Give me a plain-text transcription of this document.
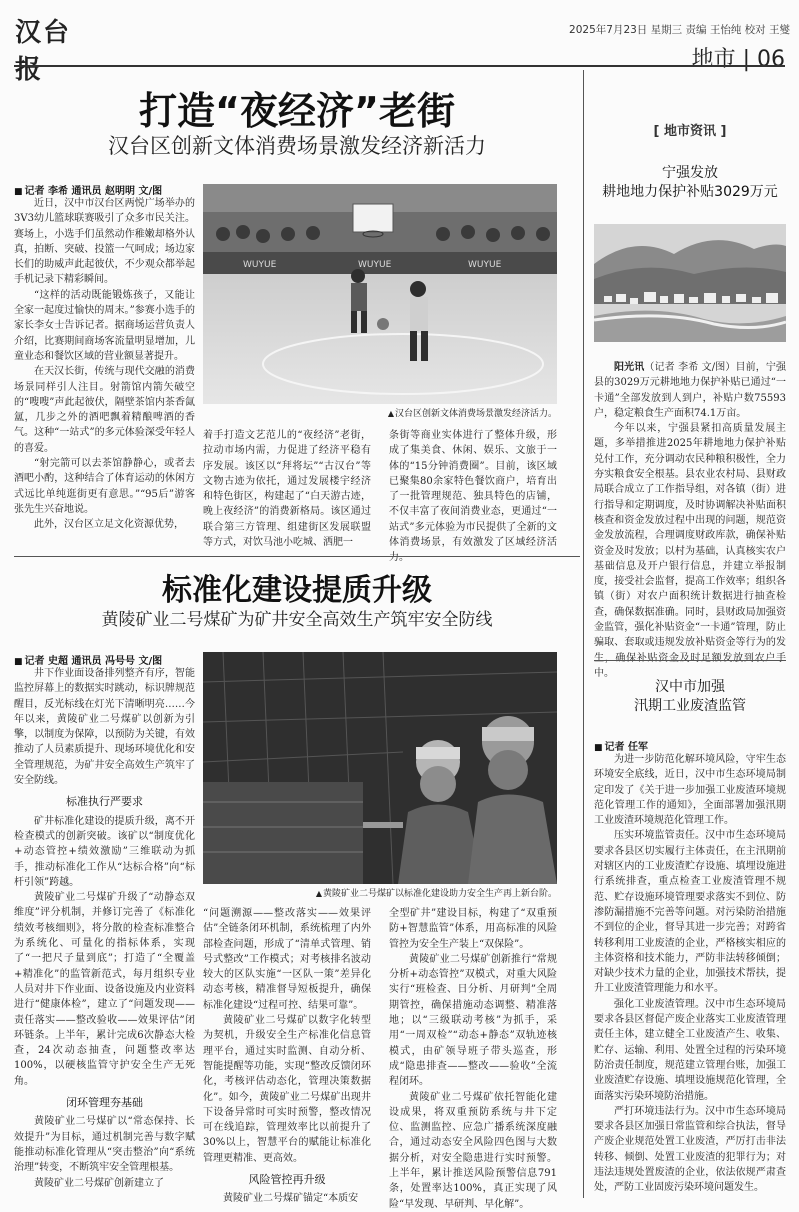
汉台报
2025年7月23日 星期三 责编 王怡纯 校对 王燮
地市 | 06
打造“夜经济”老街
汉台区创新文体消费场景激发经济新活力
■ 记者 李希 通讯员 赵明明 文/图

近日，汉中市汉台区两悦广场举办的3V3幼儿篮球联赛吸引了众多市民关注。赛场上，小选手们虽然动作稚嫩却格外认真，拍断、突破、投篮一气呵成；场边家长们的助威声此起彼伏，不少观众都举起手机记录下精彩瞬间。

“这样的活动既能锻炼孩子，又能让全家一起度过愉快的周末。”参赛小选手的家长李女士告诉记者。据商场运营负责人介绍，比赛期间商场客流量明显增加，儿童业态和餐饮区域的营业额显著提升。

在天汉长街，传统与现代交融的消费场景同样引人注目。射箭馆内箭矢破空的“嗖嗖”声此起彼伏，隔壁茶馆内茶香氤氲，几步之外的酒吧飘着精酿啤酒的香气。这种“一站式”的多元体验深受年轻人的喜爱。

“射完箭可以去茶馆静静心，或者去酒吧小酌，这种结合了体育运动的休闲方式远比单纯逛街更有意思。”“95后”游客张先生兴奋地说。

此外，汉台区立足文化资源优势，

WUYUE	WUYUE	WUYUE
▲ 汉台区创新文体消费场景激发经济活力。

着手打造文艺范儿的“夜经济”老街，拉动市场内需，力促进了经济平稳有序发展。该区以“拜将坛”“古汉台”等文物古迹为依托，通过发展楼宇经济和特色街区，构建起了“白天游古迹，晚上夜经济”的消费新格局。该区通过联合第三方管理、组建街区发展联盟等方式，对饮马池小吃城、洒肥一

条街等商业实体进行了整体升级，形成了集美食、休闲、娱乐、文旅于一体的“15分钟消费圈”。目前，该区域已聚集80余家特色餐饮商户，培育出了一批管理规范、独具特色的店铺，不仅丰富了夜间消费业态，更通过“一站式”多元体验为市民提供了全新的文体消费场景，有效激发了区域经济活力。

标准化建设提质升级
黄陵矿业二号煤矿为矿井安全高效生产筑牢安全防线
■ 记者 史超 通讯员 冯号号 文/图

井下作业面设备排列整齐有序，智能监控屏幕上的数据实时跳动，标识牌规范醒目，反光标线在灯光下清晰明亮……今年以来，黄陵矿业二号煤矿以创新为引擎，以制度为保障，以预防为关键，有效推动了人员素质提升、现场环境优化和安全管理规范，为矿井安全高效生产筑牢了安全防线。

标准执行严要求

矿井标准化建设的提质升级，离不开检查模式的创新突破。该矿以“制度优化+动态管控+绩效激励”三维联动为抓手，推动标准化工作从“达标合格”向“标杆引领”跨越。

黄陵矿业二号煤矿升级了“动静态双维度”评分机制，并修订完善了《标准化绩效考核细则》，将分散的检查标准整合为系统化、可量化的指标体系，实现了“一把尺子量到底”；打造了“全覆盖+精准化”的监管新范式，每月组织专业人员对井下作业面、设备设施及内业资料进行“健康体检”，建立了“问题发现——责任落实——整改验收——效果评估”闭环链条。上半年，累计完成6次静态大检查，24次动态抽查，问题整改率达100%，以硬核监管守护安全生产无死角。

闭环管理夯基础

黄陵矿业二号煤矿以“常态保持、长效提升”为目标，通过机制完善与数字赋能推动标准化管理从“突击整治”向“系统治理”转变，不断筑牢安全管理根基。

黄陵矿业二号煤矿创新建立了

▲ 黄陵矿业二号煤矿以标准化建设助力安全生产再上新台阶。

“问题溯源——整改落实——效果评估”全链条闭环机制，系统梳理了内外部检查问题，形成了“清单式管理、销号式整改”工作模式；对考核排名波动较大的区队实施“一区队一策”差异化动态考核，精准督导短板提升，确保标准化建设“过程可控、结果可靠”。

黄陵矿业二号煤矿以数字化转型为契机，升级安全生产标准化信息管理平台，通过实时监测、自动分析、智能提醒等功能，实现“整改反馈闭环化，考核评估动态化，管理决策数据化”。如今，黄陵矿业二号煤矿出现井下设备异常时可实时预警，整改情况可在线追踪，管理效率比以前提升了30%以上，智慧平台的赋能让标准化管理更精准、更高效。

风险管控再升级

黄陵矿业二号煤矿锚定“本质安

全型矿井”建设目标，构建了“双重预防+智慧监管”体系，用高标准的风险管控为安全生产装上“双保险”。

黄陵矿业二号煤矿创新推行“常规分析+动态管控”双模式，对重大风险实行“班检查、日分析、月研判”全周期管控，确保措施动态调整、精准落地；以“三级联动考核”为抓手，采用“一周双检”“动态+静态”双轨迹核模式，由矿领导班子带头巡查，形成“隐患排查——整改——验收”全流程闭环。

黄陵矿业二号煤矿依托智能化建设成果，将双重预防系统与井下定位、监测监控、应急广播系统深度融合，通过动态安全风险四色图与大数据分析，对安全隐患进行实时预警。上半年，累计推送风险预警信息791条，处置率达100%，真正实现了风险“早发现、早研判、早化解”。

[ 地市资讯 ]
宁强发放
耕地地力保护补贴3029万元

阳光讯（记者 李希 文/图）目前，宁强县的3029万元耕地地力保护补贴已通过“一卡通”全部发放到人到户，补贴户数75593户，稳定粮食生产面积74.1万亩。

今年以来，宁强县紧扣高质量发展主题，多举措推进2025年耕地地力保护补贴兑付工作，充分调动农民种粮积极性，全力夯实粮食安全根基。县农业农村局、县财政局联合成立了工作指导组，对各镇（街）进行指导和定期调度，及时协调解决补贴面积核查和资金发放过程中出现的问题，规范资金发放流程，合理调度财政库款，确保补贴资金及时发放；以村为基础，认真核实农户基础信息及开户银行信息，并建立举报制度，接受社会监督，提高工作效率；组织各镇（街）对农户面积统计数据进行抽查检查，确保数据准确。同时，县财政局加强资金监管，强化补贴资金“一卡通”管理，防止骗取、套取或违规发放补贴资金等行为的发生，确保补贴资金及时足额发放到农户手中。

汉中市加强
汛期工业废渣监管
■ 记者 任军

为进一步防范化解环境风险，守牢生态环境安全底线，近日，汉中市生态环境局制定印发了《关于进一步加强工业废渣环境规范化管理工作的通知》，全面部署加强汛期工业废渣环境规范化管理工作。

压实环境监管责任。汉中市生态环境局要求各县区切实履行主体责任，在主汛期前对辖区内的工业废渣贮存设施、填埋设施进行系统排查，重点检查工业废渣管理不规范、贮存设施环境管理要求落实不到位、防渗防漏措施不完善等问题。对污染防治措施不到位的企业，督导其进一步完善；对跨省转移利用工业废渣的企业，严格核实相应的主体资格和技术能力，严防非法转移倾倒；对缺少技术力量的企业，加强技术帮扶，提升工业废渣管理能力和水平。

强化工业废渣管理。汉中市生态环境局要求各县区督促产废企业落实工业废渣管理责任主体，建立健全工业废渣产生、收集、贮存、运输、利用、处置全过程的污染环境防治责任制度，规范建立管理台账，加强工业废渣贮存设施、填埋设施规范化管理，全面落实污染环境防治措施。

严打环境违法行为。汉中市生态环境局要求各县区加强日常监管和综合执法，督导产废企业规范处置工业废渣，严厉打击非法转移、倾倒、处置工业废渣的犯罪行为；对违法违规处置废渣的企业，依法依规严肃查处，严防工业固废污染环境问题发生。
